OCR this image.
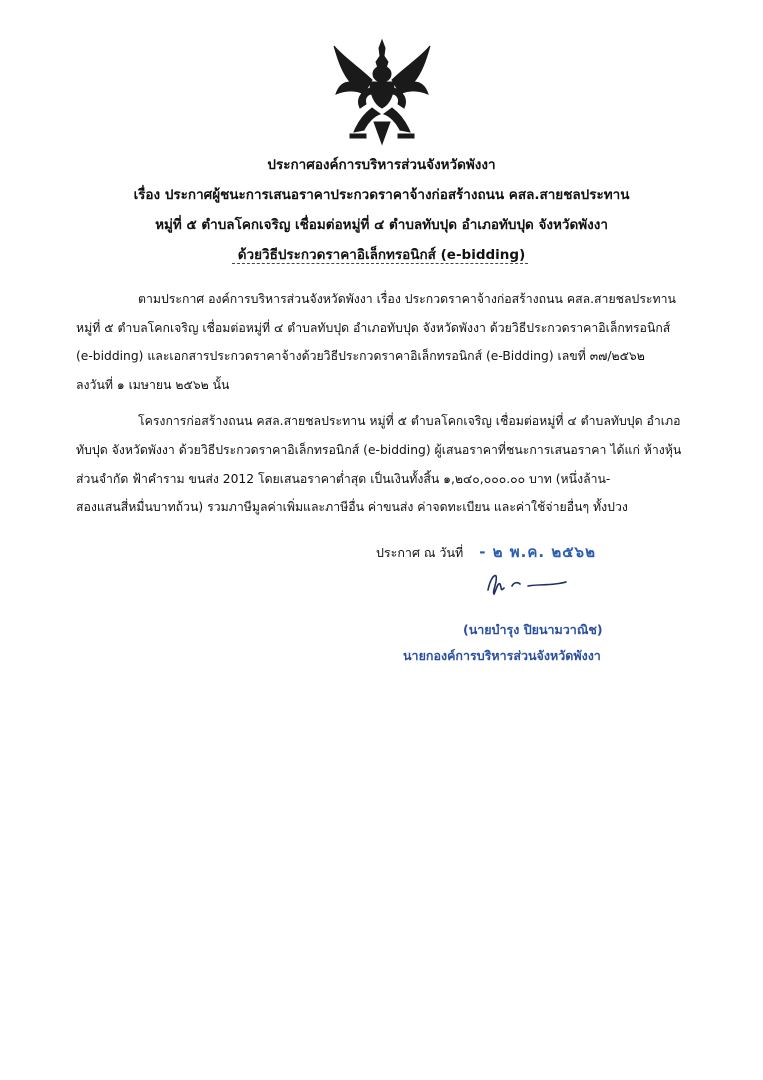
ประกาศองค์การบริหารส่วนจังหวัดพังงา
เรื่อง ประกาศผู้ชนะการเสนอราคาประกวดราคาจ้างก่อสร้างถนน คสล.สายชลประทาน
หมู่ที่ ๕ ตำบลโคกเจริญ เชื่อมต่อหมู่ที่ ๔ ตำบลทับปุด อำเภอทับปุด จังหวัดพังงา
ด้วยวิธีประกวดราคาอิเล็กทรอนิกส์ (e-bidding)
ตามประกาศ องค์การบริหารส่วนจังหวัดพังงา เรื่อง ประกวดราคาจ้างก่อสร้างถนน คสล.สายชลประทาน
หมู่ที่ ๕ ตำบลโคกเจริญ เชื่อมต่อหมู่ที่ ๔ ตำบลทับปุด อำเภอทับปุด จังหวัดพังงา ด้วยวิธีประกวดราคาอิเล็กทรอนิกส์
(e-bidding) และเอกสารประกวดราคาจ้างด้วยวิธีประกวดราคาอิเล็กทรอนิกส์ (e-Bidding) เลขที่ ๓๗/๒๕๖๒
ลงวันที่ ๑ เมษายน ๒๕๖๒ นั้น
โครงการก่อสร้างถนน คสล.สายชลประทาน หมู่ที่ ๕ ตำบลโคกเจริญ เชื่อมต่อหมู่ที่ ๔ ตำบลทับปุด อำเภอ
ทับปุด จังหวัดพังงา ด้วยวิธีประกวดราคาอิเล็กทรอนิกส์ (e-bidding) ผู้เสนอราคาที่ชนะการเสนอราคา ได้แก่ ห้างหุ้น
ส่วนจำกัด ฟ้าคำราม ขนส่ง 2012 โดยเสนอราคาต่ำสุด เป็นเงินทั้งสิ้น ๑,๒๔๐,๐๐๐.๐๐ บาท (หนึ่งล้าน-
สองแสนสี่หมื่นบาทถ้วน) รวมภาษีมูลค่าเพิ่มและภาษีอื่น ค่าขนส่ง ค่าจดทะเบียน และค่าใช้จ่ายอื่นๆ ทั้งปวง
ประกาศ ณ วันที่ - ๒ พ.ค. ๒๕๖๒
(นายบำรุง ปิยนามวาณิช)
นายกองค์การบริหารส่วนจังหวัดพังงา
